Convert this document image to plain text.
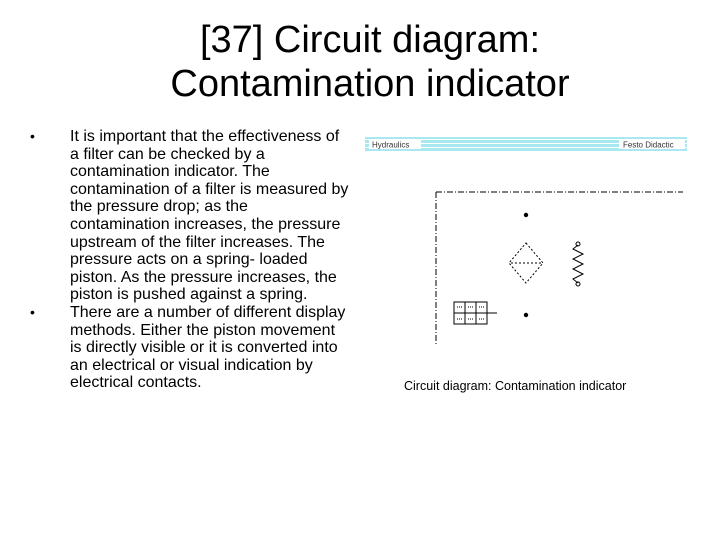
[37] Circuit diagram:
Contamination indicator
•	It is important that the effectiveness of a filter can be checked by a contamination indicator. The contamination of a filter is measured by the pressure drop; as the contamination increases, the pressure upstream of the filter increases. The pressure acts on a spring- loaded piston. As the pressure increases, the piston is pushed against a spring.
•	There are a number of different display methods. Either the piston movement is directly visible or it is converted into an electrical or visual indication by electrical contacts.
Hydraulics	Festo Didactic
Circuit diagram: Contamination indicator
